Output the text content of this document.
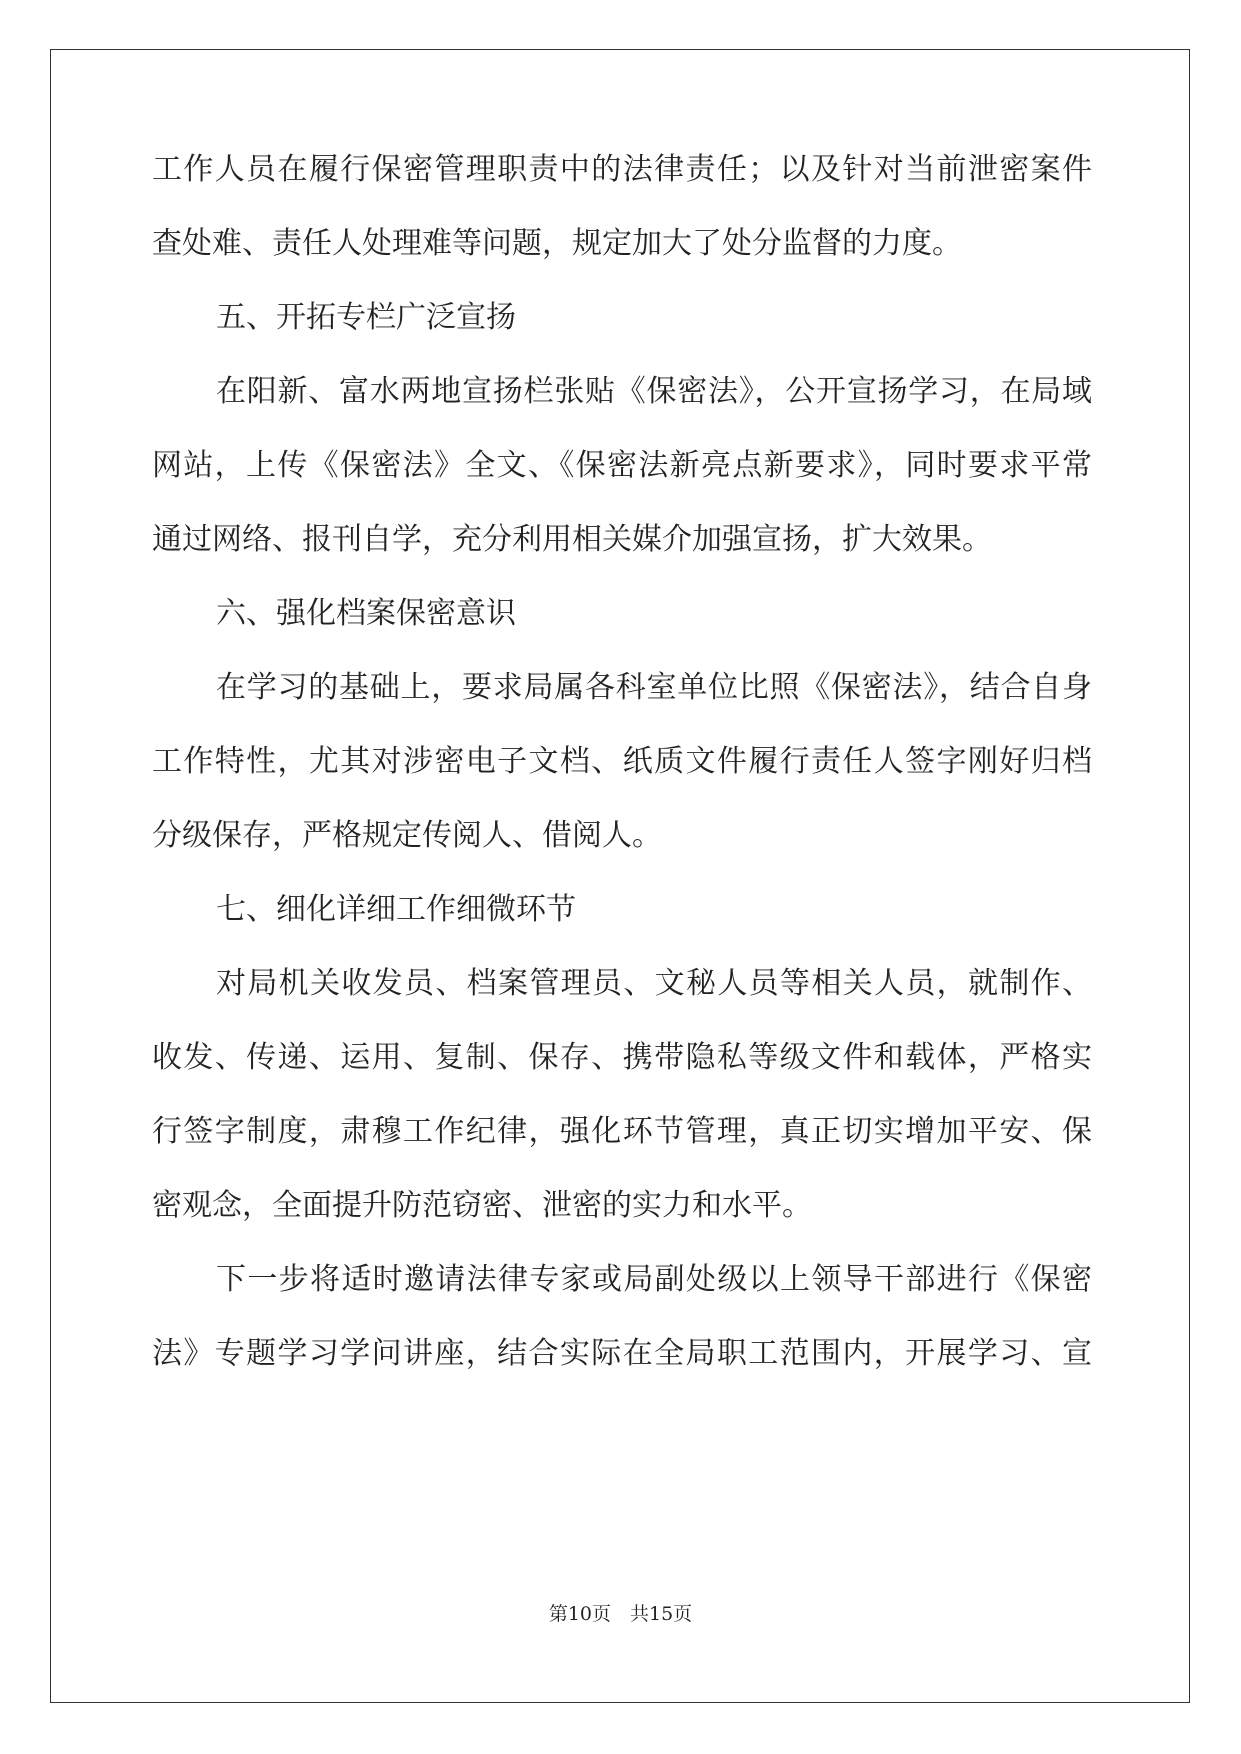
工作人员在履行保密管理职责中的法律责任；以及针对当前泄密案件
查处难、责任人处理难等问题，规定加大了处分监督的力度。
五、开拓专栏广泛宣扬
在阳新、富水两地宣扬栏张贴《保密法》，公开宣扬学习，在局域
网站，上传《保密法》全文、《保密法新亮点新要求》，同时要求平常
通过网络、报刊自学，充分利用相关媒介加强宣扬，扩大效果。
六、强化档案保密意识
在学习的基础上，要求局属各科室单位比照《保密法》，结合自身
工作特性，尤其对涉密电子文档、纸质文件履行责任人签字刚好归档
分级保存，严格规定传阅人、借阅人。
七、细化详细工作细微环节
对局机关收发员、档案管理员、文秘人员等相关人员，就制作、
收发、传递、运用、复制、保存、携带隐私等级文件和载体，严格实
行签字制度，肃穆工作纪律，强化环节管理，真正切实增加平安、保
密观念，全面提升防范窃密、泄密的实力和水平。
下一步将适时邀请法律专家或局副处级以上领导干部进行《保密
法》专题学习学问讲座，结合实际在全局职工范围内，开展学习、宣
第10页　共15页
